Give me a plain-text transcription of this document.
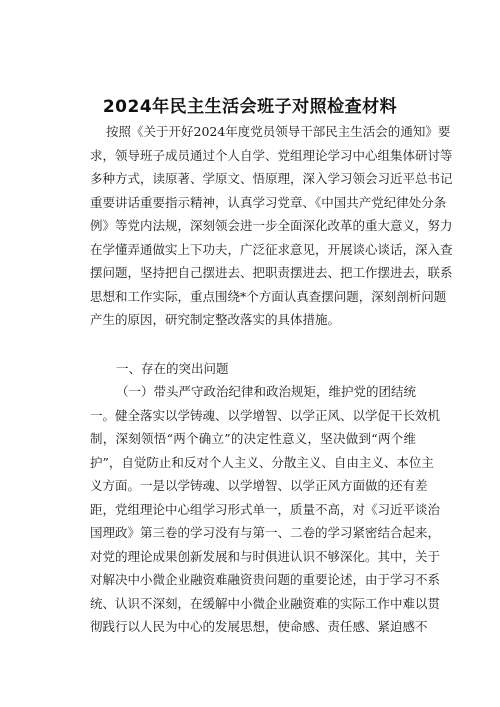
2024年民主生活会班子对照检查材料
按照《关于开好2024年度党员领导干部民主生活会的通知》要
求，领导班子成员通过个人自学、党组理论学习中心组集体研讨等
多种方式，读原著、学原文、悟原理，深入学习领会习近平总书记
重要讲话重要指示精神，认真学习党章、《中国共产党纪律处分条
例》等党内法规，深刻领会进一步全面深化改革的重大意义，努力
在学懂弄通做实上下功夫，广泛征求意见，开展谈心谈话，深入查
摆问题，坚持把自己摆进去、把职责摆进去、把工作摆进去，联系
思想和工作实际，重点围绕*个方面认真查摆问题，深刻剖析问题
产生的原因，研究制定整改落实的具体措施。
一、存在的突出问题
（一）带头严守政治纪律和政治规矩，维护党的团结统
一。健全落实以学铸魂、以学增智、以学正风、以学促干长效机
制，深刻领悟“两个确立”的决定性意义，坚决做到“两个维
护”，自觉防止和反对个人主义、分散主义、自由主义、本位主
义方面。一是以学铸魂、以学增智、以学正风方面做的还有差
距，党组理论中心组学习形式单一，质量不高，对《习近平谈治
国理政》第三卷的学习没有与第一、二卷的学习紧密结合起来，
对党的理论成果创新发展和与时俱进认识不够深化。其中，关于
对解决中小微企业融资难融资贵问题的重要论述，由于学习不系
统、认识不深刻，在缓解中小微企业融资难的实际工作中难以贯
彻践行以人民为中心的发展思想，使命感、责任感、紧迫感不
